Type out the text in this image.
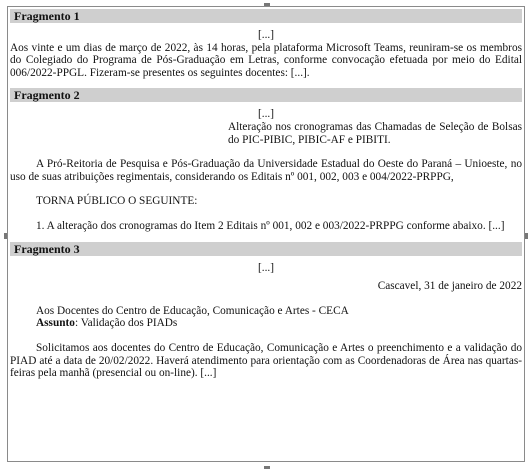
Fragmento 1

[...]

Aos vinte e um dias de março de 2022, às 14 horas, pela plataforma Microsoft Teams, reuniram-se os membros do Colegiado do Programa de Pós-Graduação em Letras, conforme convocação efetuada por meio do Edital 006/2022-PPGL. Fizeram-se presentes os seguintes docentes: [...].

Fragmento 2

[...]

Alteração nos cronogramas das Chamadas de Seleção de Bolsas do PIC-PIBIC, PIBIC-AF e PIBITI.

A Pró-Reitoria de Pesquisa e Pós-Graduação da Universidade Estadual do Oeste do Paraná – Unioeste, no uso de suas atribuições regimentais, considerando os Editais nº 001, 002, 003 e 004/2022-PRPPG,

TORNA PÚBLICO O SEGUINTE:

1. A alteração dos cronogramas do Item 2 Editais nº 001, 002 e 003/2022-PRPPG conforme abaixo. [...]

Fragmento 3

[...]

Cascavel, 31 de janeiro de 2022

Aos Docentes do Centro de Educação, Comunicação e Artes - CECA

Assunto: Validação dos PIADs

Solicitamos aos docentes do Centro de Educação, Comunicação e Artes o preenchimento e a validação do PIAD até a data de 20/02/2022. Haverá atendimento para orientação com as Coordenadoras de Área nas quartas-feiras pela manhã (presencial ou on-line). [...]
